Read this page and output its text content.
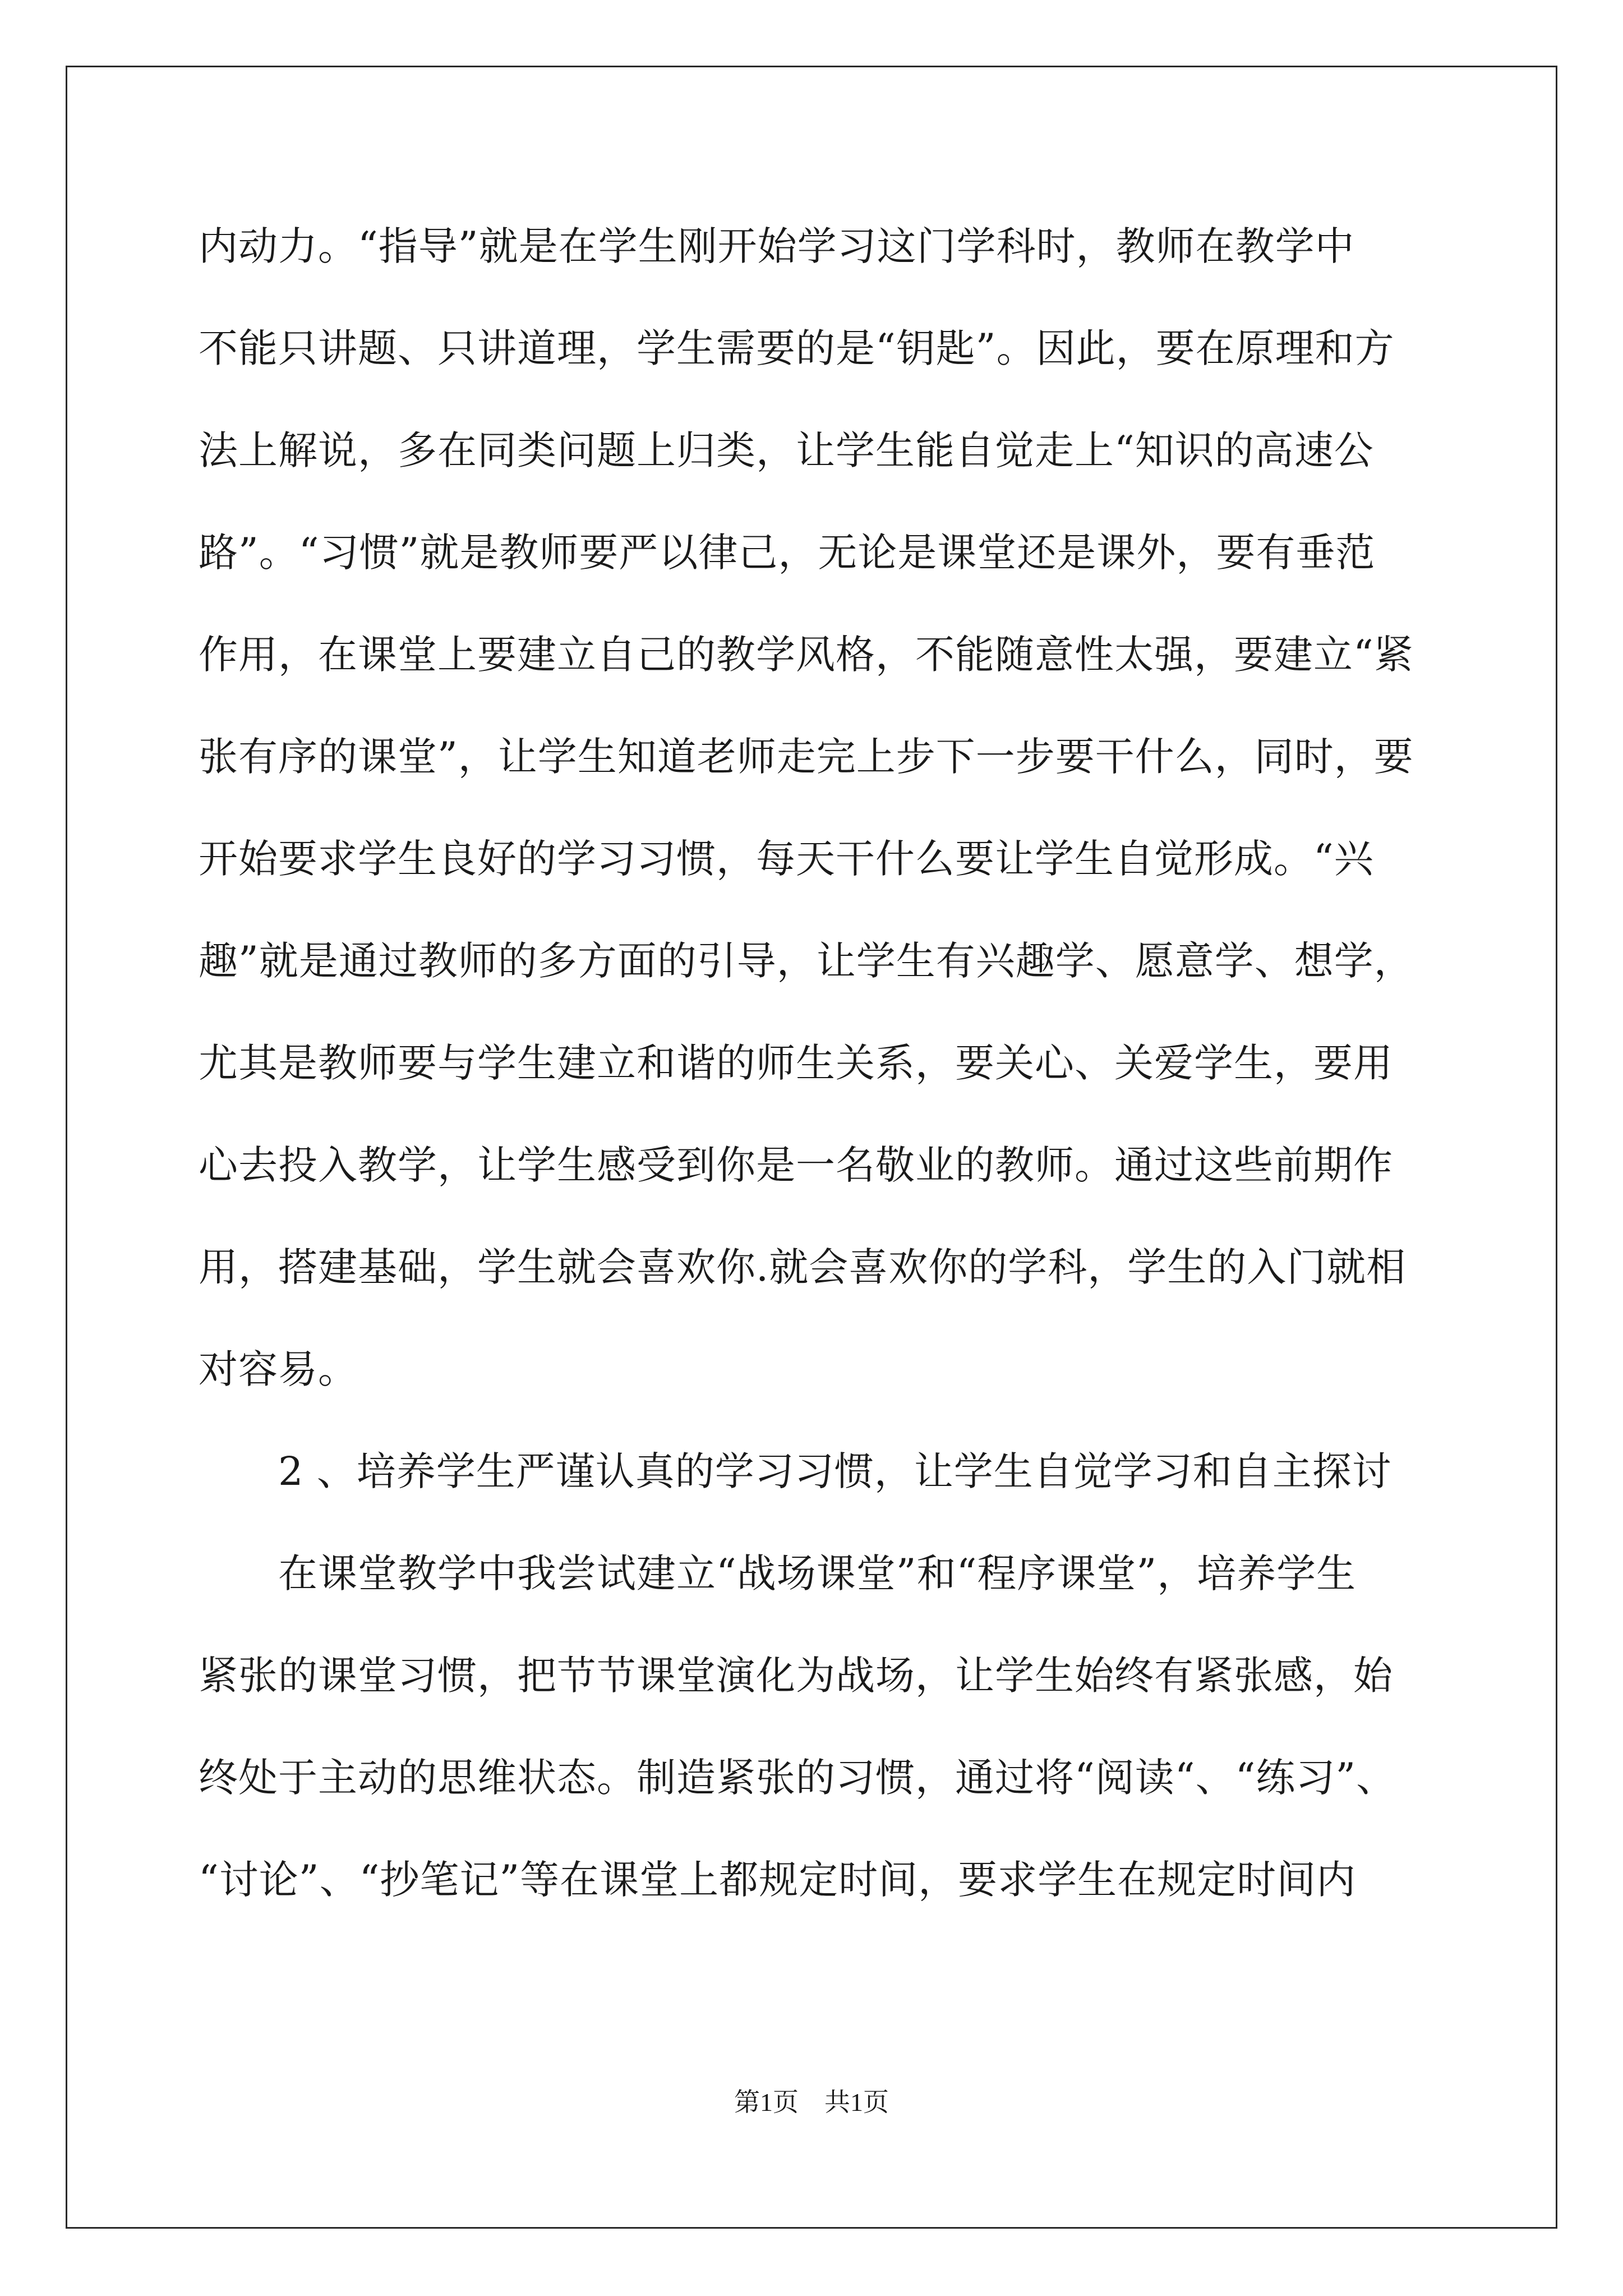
内动力。“指导”就是在学生刚开始学习这门学科时，教师在教学中
不能只讲题、只讲道理，学生需要的是“钥匙”。因此，要在原理和方
法上解说，多在同类问题上归类，让学生能自觉走上“知识的高速公
路”。“习惯”就是教师要严以律己，无论是课堂还是课外，要有垂范
作用，在课堂上要建立自己的教学风格，不能随意性太强，要建立“紧
张有序的课堂”，让学生知道老师走完上步下一步要干什么，同时，要
开始要求学生良好的学习习惯，每天干什么要让学生自觉形成。“兴
趣”就是通过教师的多方面的引导，让学生有兴趣学、愿意学、想学，
尤其是教师要与学生建立和谐的师生关系，要关心、关爱学生，要用
心去投入教学，让学生感受到你是一名敬业的教师。通过这些前期作
用，搭建基础，学生就会喜欢你.就会喜欢你的学科，学生的入门就相
对容易。
　　2 、培养学生严谨认真的学习习惯，让学生自觉学习和自主探讨
　　在课堂教学中我尝试建立“战场课堂”和“程序课堂”，培养学生
紧张的课堂习惯，把节节课堂演化为战场，让学生始终有紧张感，始
终处于主动的思维状态。制造紧张的习惯，通过将“阅读“、“练习”、
“讨论”、“抄笔记”等在课堂上都规定时间，要求学生在规定时间内
第1页　共1页
